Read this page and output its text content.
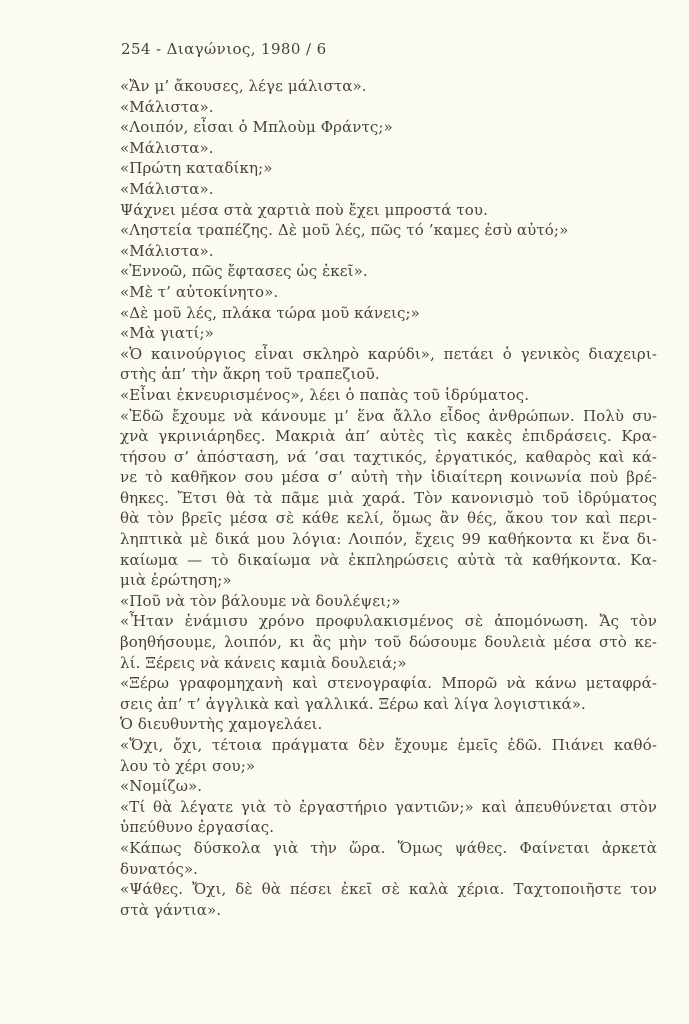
254 - Διαγώνιος, 1980 / 6
«Ἄν μ’ ἄκουσες, λέγε μάλιστα».
«Μάλιστα».
«Λοιπόν, εἶσαι ὁ Μπλοὺμ Φράντς;»
«Μάλιστα».
«Πρώτη καταδίκη;»
«Μάλιστα».
Ψάχνει μέσα στὰ χαρτιὰ ποὺ ἔχει μπροστά του.
«Ληστεία τραπέζης. Δὲ μοῦ λές, πῶς τό ’καμες ἐσὺ αὐτό;»
«Μάλιστα».
«Ἐννοῶ, πῶς ἔφτασες ὡς ἐκεῖ».
«Μὲ τ’ αὐτοκίνητο».
«Δὲ μοῦ λές, πλάκα τώρα μοῦ κάνεις;»
«Μὰ γιατί;»
«Ὁ καινούργιος εἶναι σκληρὸ καρύδι», πετάει ὁ γενικὸς διαχειρι-
στὴς ἀπ’ τὴν ἄκρη τοῦ τραπεζιοῦ.
«Εἶναι ἐκνευρισμένος», λέει ὁ παπὰς τοῦ ἱδρύματος.
«Ἐδῶ ἔχουμε νὰ κάνουμε μ’ ἕνα ἄλλο εἶδος ἀνθρώπων. Πολὺ συ-
χνὰ γκρινιάρηδες. Μακριὰ ἀπ’ αὐτὲς τὶς κακὲς ἐπιδράσεις. Κρα-
τήσου σ’ ἀπόσταση, νά ’σαι ταχτικός, ἐργατικός, καθαρὸς καὶ κά-
νε τὸ καθῆκον σου μέσα σ’ αὐτὴ τὴν ἰδιαίτερη κοινωνία ποὺ βρέ-
θηκες. Ἔτσι θὰ τὰ πᾶμε μιὰ χαρά. Τὸν κανονισμὸ τοῦ ἱδρύματος
θὰ τὸν βρεῖς μέσα σὲ κάθε κελί, ὅμως ἂν θές, ἄκου τον καὶ περι-
ληπτικὰ μὲ δικά μου λόγια: Λοιπόν, ἔχεις 99 καθήκοντα κι ἕνα δι-
καίωμα — τὸ δικαίωμα νὰ ἐκπληρώσεις αὐτὰ τὰ καθήκοντα. Κα-
μιὰ ἐρώτηση;»
«Ποῦ νὰ τὸν βάλουμε νὰ δουλέψει;»
«Ἦταν ἑνάμισυ χρόνο προφυλακισμένος σὲ ἀπομόνωση. Ἄς τὸν
βοηθήσουμε, λοιπόν, κι ἂς μὴν τοῦ δώσουμε δουλειὰ μέσα στὸ κε-
λί. Ξέρεις νὰ κάνεις καμιὰ δουλειά;»
«Ξέρω γραφομηχανὴ καὶ στενογραφία. Μπορῶ νὰ κάνω μεταφρά-
σεις ἀπ’ τ’ ἀγγλικὰ καὶ γαλλικά. Ξέρω καὶ λίγα λογιστικά».
Ὁ διευθυντὴς χαμογελάει.
«Ὄχι, ὄχι, τέτοια πράγματα δὲν ἔχουμε ἐμεῖς ἐδῶ. Πιάνει καθό-
λου τὸ χέρι σου;»
«Νομίζω».
«Τί θὰ λέγατε γιὰ τὸ ἐργαστήριο γαντιῶν;» καὶ ἀπευθύνεται στὸν
ὑπεύθυνο ἐργασίας.
«Κάπως δύσκολα γιὰ τὴν ὥρα. Ὅμως ψάθες. Φαίνεται ἀρκετὰ
δυνατός».
«Ψάθες. Ὄχι, δὲ θὰ πέσει ἐκεῖ σὲ καλὰ χέρια. Ταχτοποιῆστε τον
στὰ γάντια».
